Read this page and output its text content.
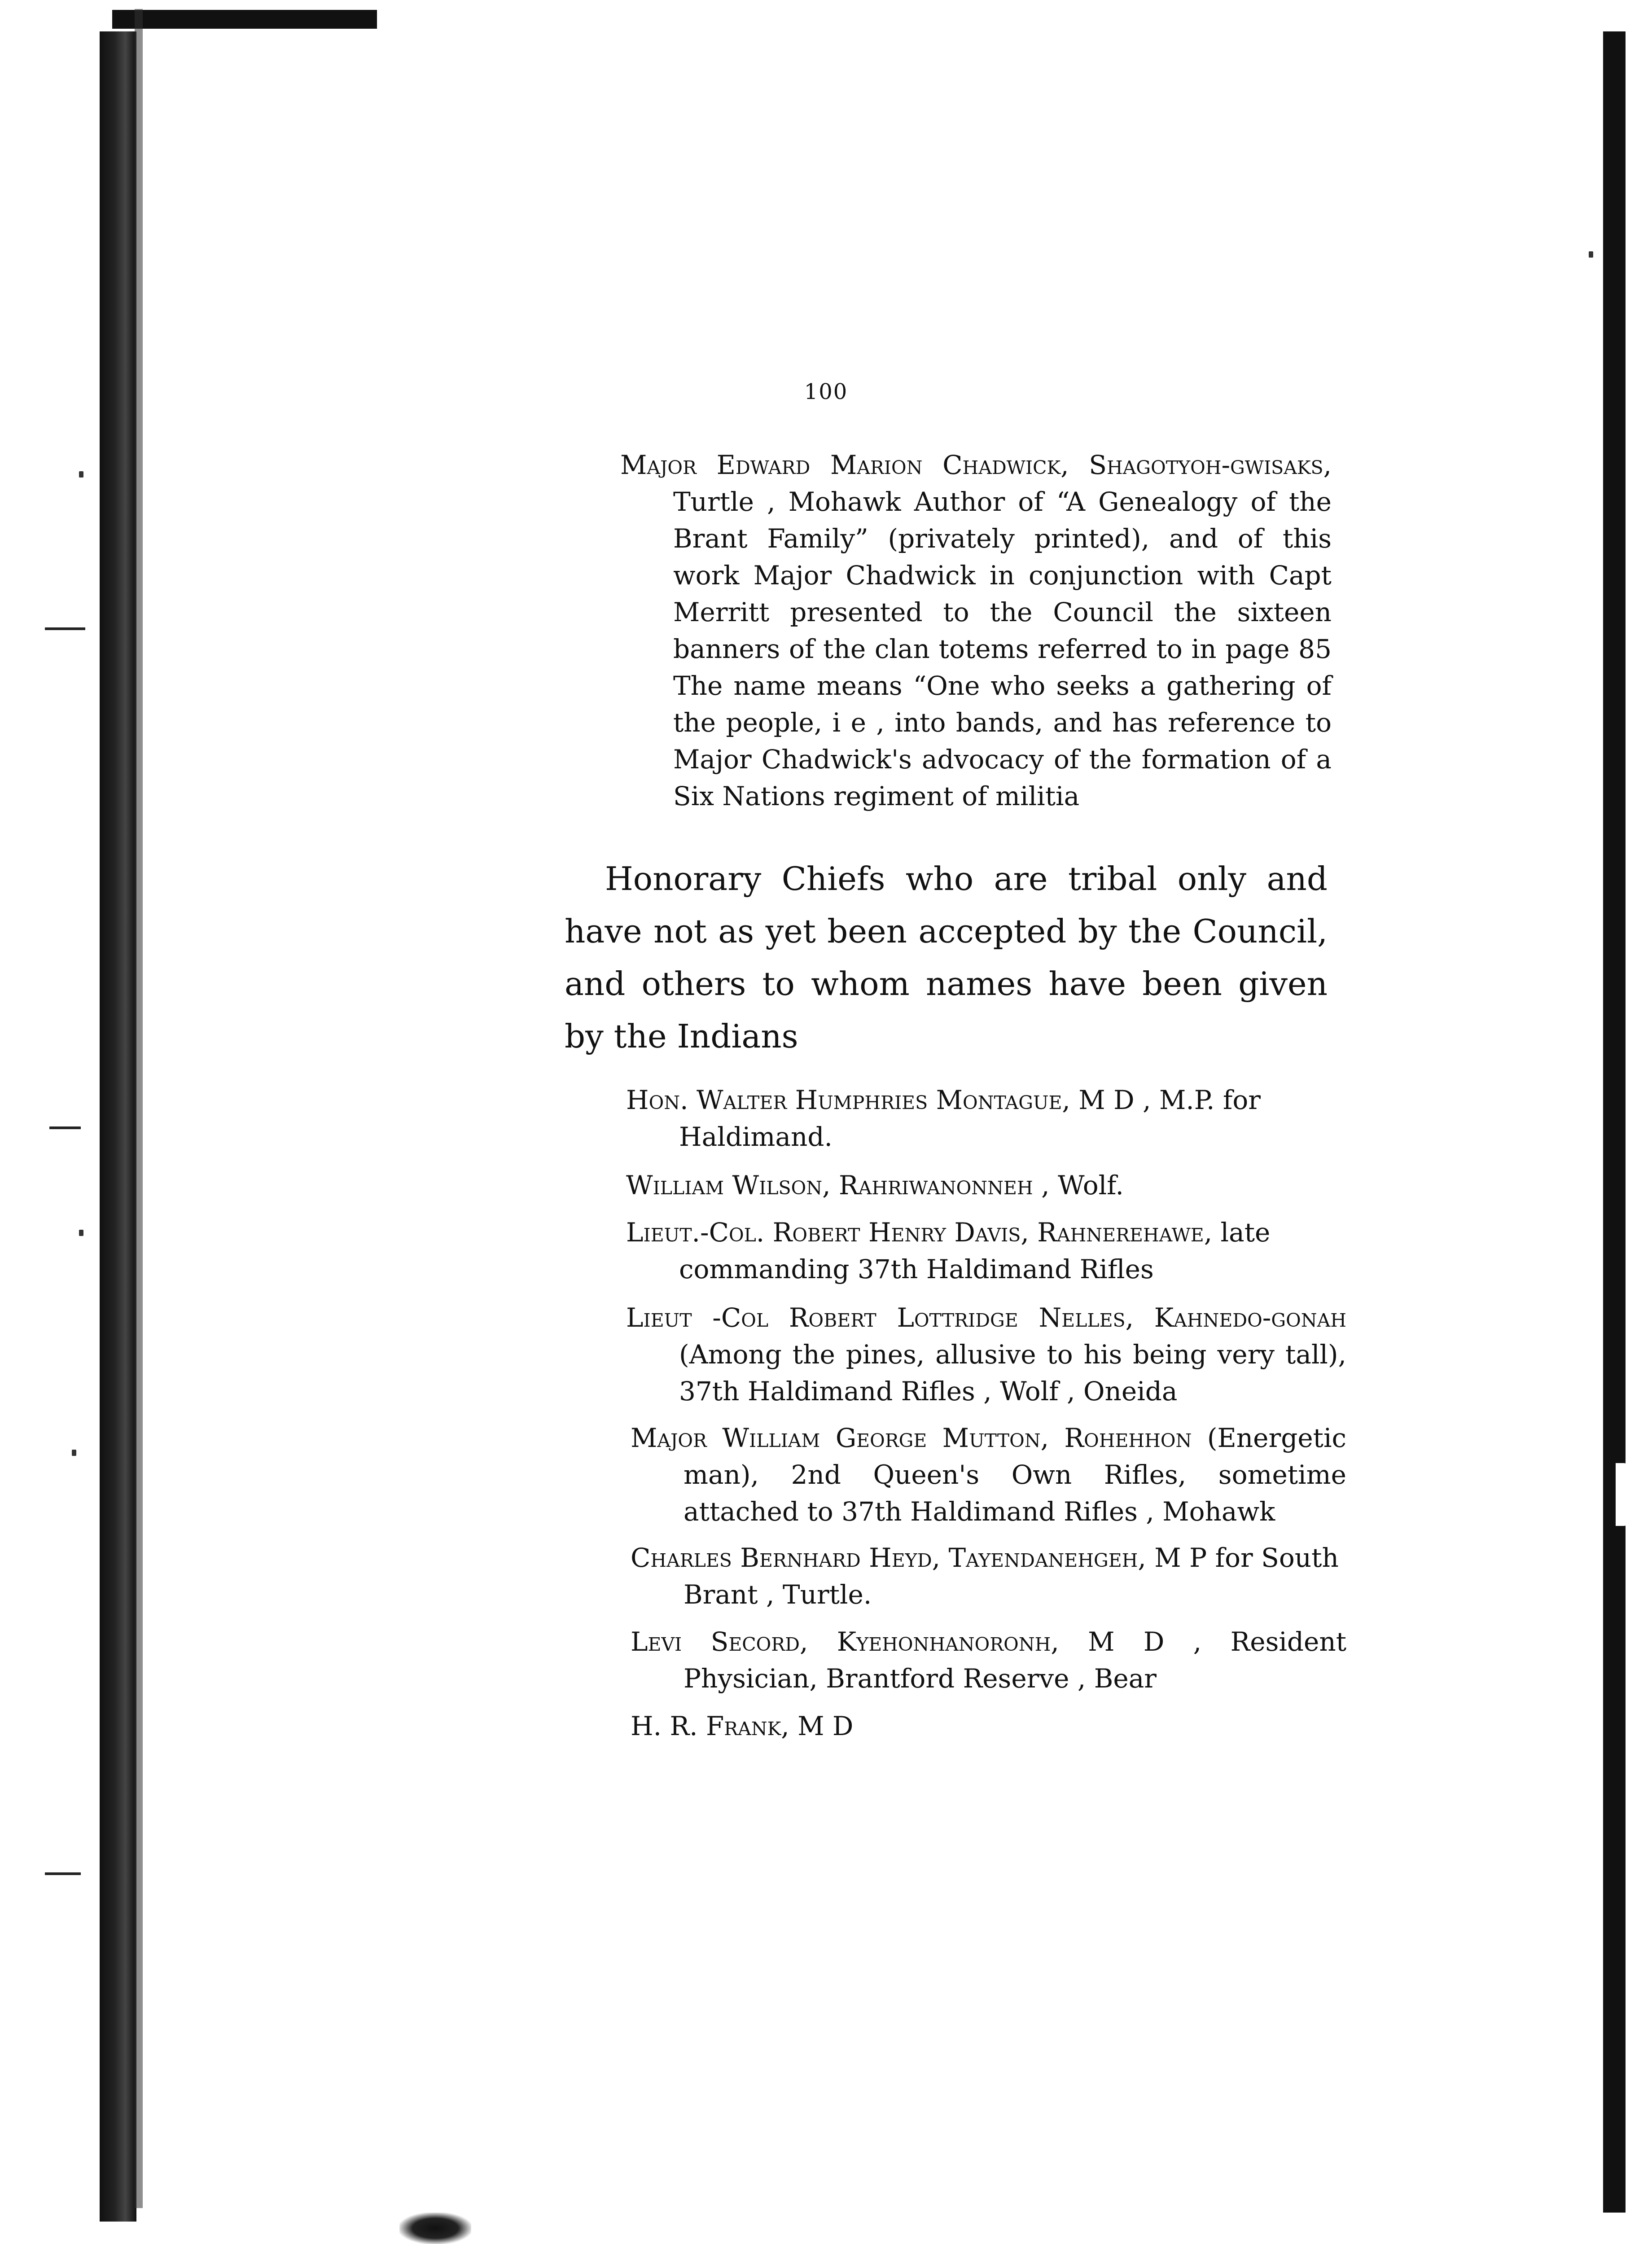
100

Major Edward Marion Chadwick, Shagotyoh-gwisaks, Turtle , Mohawk Author of “A Genealogy of the Brant Family” (privately printed), and of this work Major Chadwick in conjunction with Capt Merritt presented to the Council the sixteen banners of the clan totems referred to in page 85 The name means “One who seeks a gathering of the people, i e , into bands, and has reference to Major Chadwick's advocacy of the formation of a Six Nations regiment of militia

Honorary Chiefs who are tribal only and have not as yet been accepted by the Council, and others to whom names have been given by the Indians

Hon. Walter Humphries Montague, M D , M.P. for Haldimand.

William Wilson, Rahriwanonneh , Wolf.

Lieut.-Col. Robert Henry Davis, Rahnerehawe, late commanding 37th Haldimand Rifles

Lieut -Col Robert Lottridge Nelles, Kahnedo-gonah (Among the pines, allusive to his being very tall), 37th Haldimand Rifles , Wolf , Oneida

Major William George Mutton, Rohehhon (Energetic man), 2nd Queen's Own Rifles, sometime attached to 37th Haldimand Rifles , Mohawk

Charles Bernhard Heyd, Tayendanehgeh, M P for South Brant , Turtle.

Levi Secord, Kyehonhanoronh, M D , Resident Physician, Brantford Reserve , Bear

H. R. Frank, M D
